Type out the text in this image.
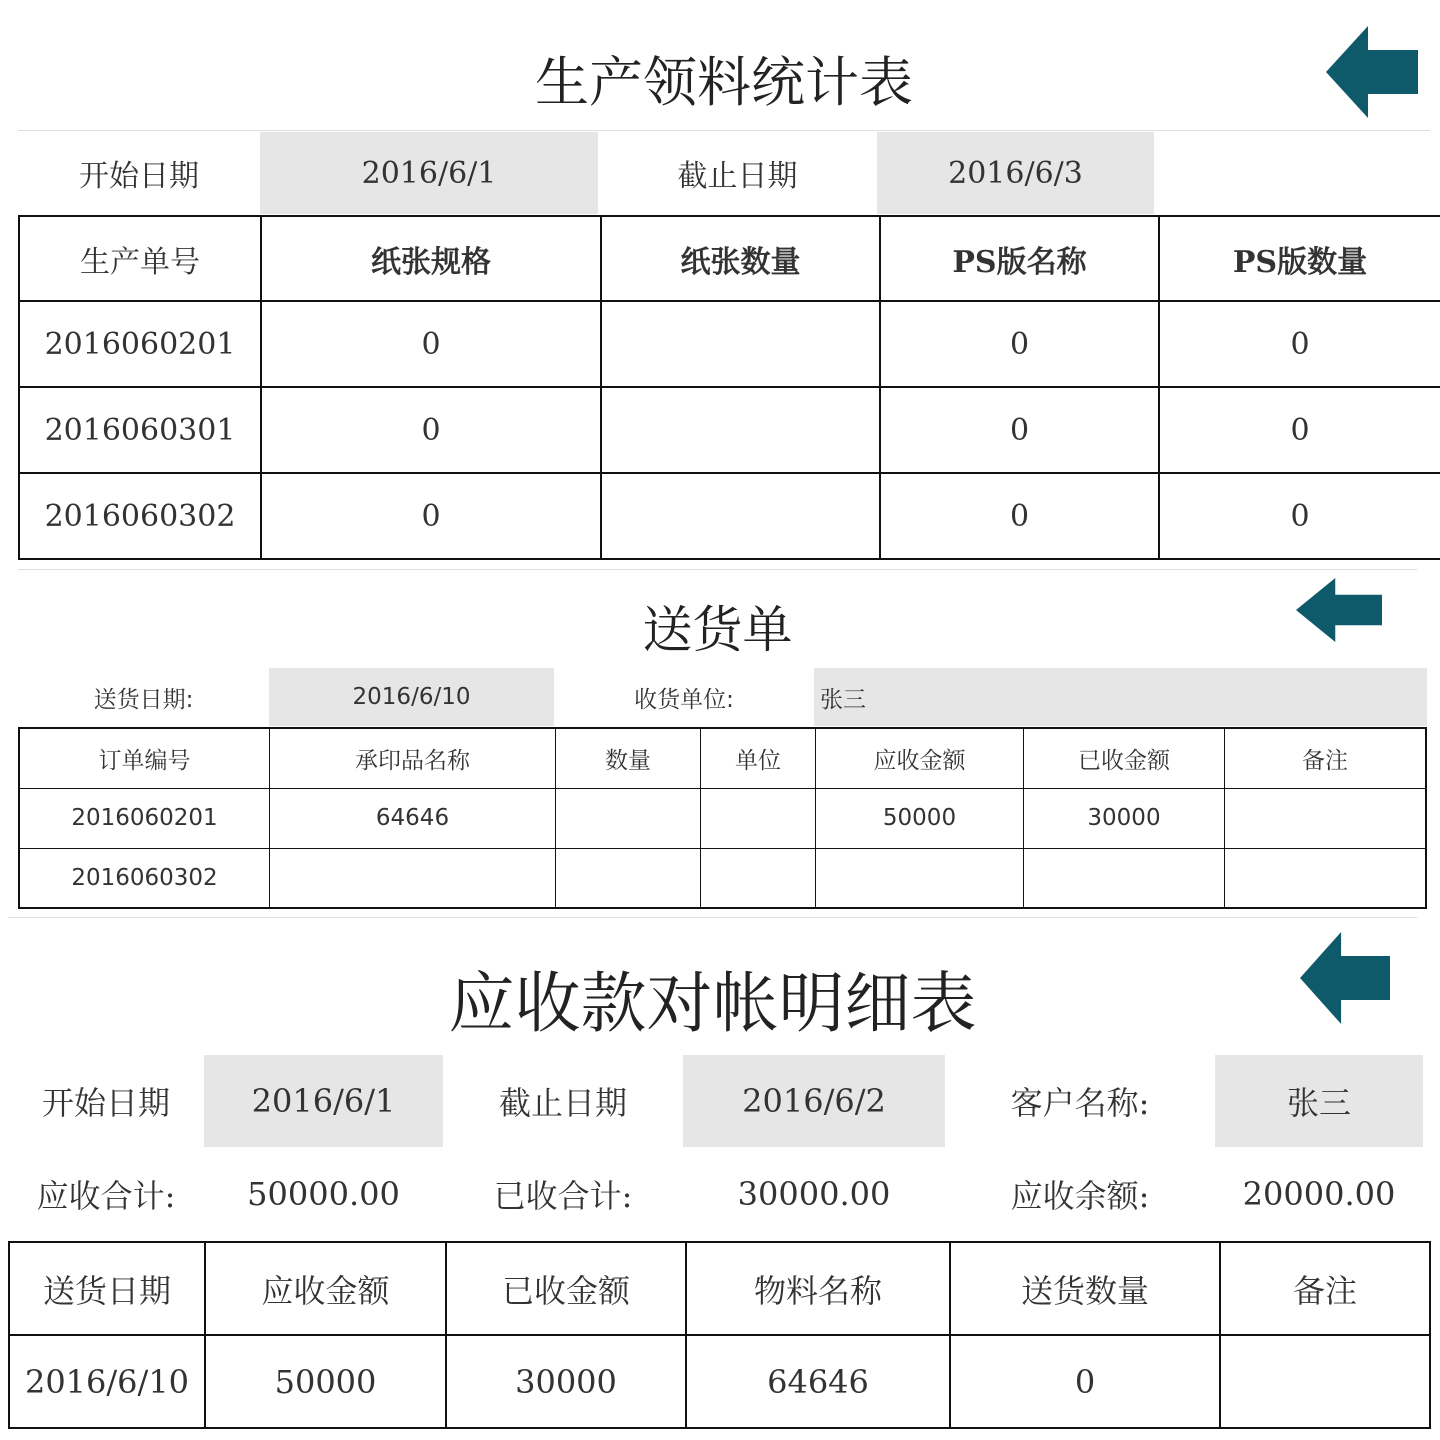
生产领料统计表
开始日期	2016/6/1	截止日期	2016/6/3	
生产单号	纸张规格	纸张数量	PS版名称	PS版数量
2016060201	0		0	0
2016060301	0		0	0
2016060302	0		0	0
送货单
送货日期:	2016/6/10	收货单位:	张三
订单编号	承印品名称	数量	单位	应收金额	已收金额	备注
2016060201	64646			50000	30000	
2016060302						
应收款对帐明细表
开始日期	2016/6/1	截止日期	2016/6/2	客户名称:	张三
应收合计:	50000.00	已收合计:	30000.00	应收余额:	20000.00
送货日期	应收金额	已收金额	物料名称	送货数量	备注
2016/6/10	50000	30000	64646	0	
